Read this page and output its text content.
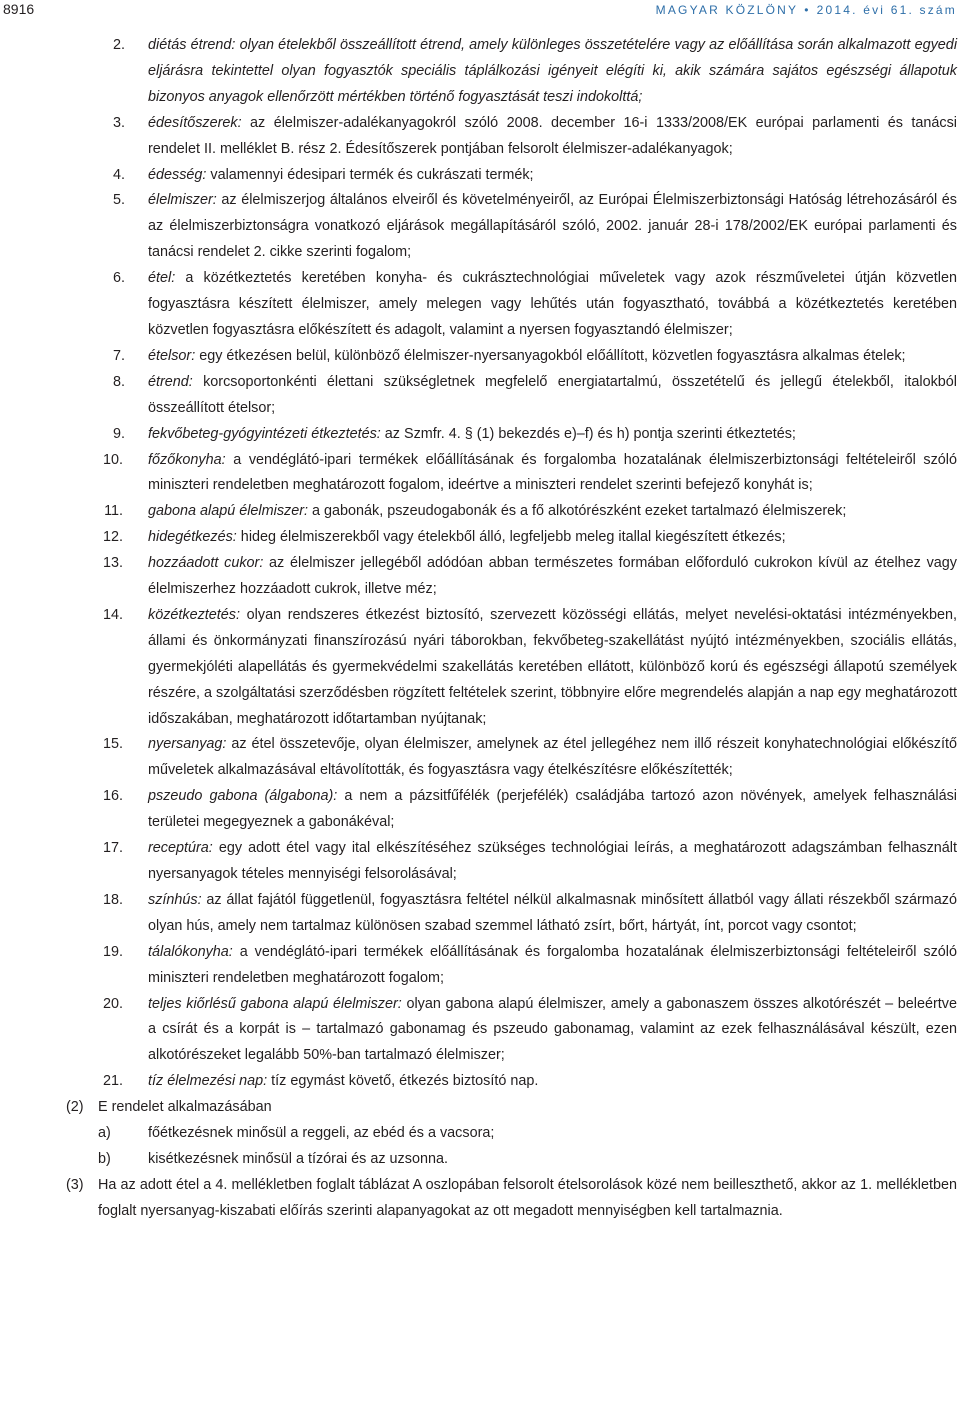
8916	MAGYAR KÖZLÖNY • 2014. évi 61. szám
2. diétás étrend: olyan ételekből összeállított étrend, amely különleges összetételére vagy az előállítása során alkalmazott egyedi eljárásra tekintettel olyan fogyasztók speciális táplálkozási igényeit elégíti ki, akik számára sajátos egészségi állapotuk bizonyos anyagok ellenőrzött mértékben történő fogyasztását teszi indokolttá;
3. édesítőszerek: az élelmiszer-adalékanyagokról szóló 2008. december 16-i 1333/2008/EK európai parlamenti és tanácsi rendelet II. melléklet B. rész 2. Édesítőszerek pontjában felsorolt élelmiszer-adalékanyagok;
4. édesség: valamennyi édesipari termék és cukrászati termék;
5. élelmiszer: az élelmiszerjog általános elveiről és követelményeiről, az Európai Élelmiszerbiztonsági Hatóság létrehozásáról és az élelmiszerbiztonságra vonatkozó eljárások megállapításáról szóló, 2002. január 28-i 178/2002/EK európai parlamenti és tanácsi rendelet 2. cikke szerinti fogalom;
6. étel: a közétkeztetés keretében konyha- és cukrásztechnológiai műveletek vagy azok részműveletei útján közvetlen fogyasztásra készített élelmiszer, amely melegen vagy lehűtés után fogyasztható, továbbá a közétkeztetés keretében közvetlen fogyasztásra előkészített és adagolt, valamint a nyersen fogyasztandó élelmiszer;
7. ételsor: egy étkezésen belül, különböző élelmiszer-nyersanyagokból előállított, közvetlen fogyasztásra alkalmas ételek;
8. étrend: korcsoportonkénti élettani szükségletnek megfelelő energiatartalmú, összetételű és jellegű ételekből, italokból összeállított ételsor;
9. fekvőbeteg-gyógyintézeti étkeztetés: az Szmfr. 4. § (1) bekezdés e)–f) és h) pontja szerinti étkeztetés;
10. főzőkonyha: a vendéglátó-ipari termékek előállításának és forgalomba hozatalának élelmiszerbiztonsági feltételeiről szóló miniszteri rendeletben meghatározott fogalom, ideértve a miniszteri rendelet szerinti befejező konyhát is;
11. gabona alapú élelmiszer: a gabonák, pszeudogabonák és a fő alkotórészként ezeket tartalmazó élelmiszerek;
12. hidegétkezés: hideg élelmiszerekből vagy ételekből álló, legfeljebb meleg itallal kiegészített étkezés;
13. hozzáadott cukor: az élelmiszer jellegéből adódóan abban természetes formában előforduló cukrokon kívül az ételhez vagy élelmiszerhez hozzáadott cukrok, illetve méz;
14. közétkeztetés: olyan rendszeres étkezést biztosító, szervezett közösségi ellátás, melyet nevelési-oktatási intézményekben, állami és önkormányzati finanszírozású nyári táborokban, fekvőbeteg-szakellátást nyújtó intézményekben, szociális ellátás, gyermekjóléti alapellátás és gyermekvédelmi szakellátás keretében ellátott, különböző korú és egészségi állapotú személyek részére, a szolgáltatási szerződésben rögzített feltételek szerint, többnyire előre megrendelés alapján a nap egy meghatározott időszakában, meghatározott időtartamban nyújtanak;
15. nyersanyag: az étel összetevője, olyan élelmiszer, amelynek az étel jellegéhez nem illő részeit konyhatechnológiai előkészítő műveletek alkalmazásával eltávolították, és fogyasztásra vagy ételkészítésre előkészítették;
16. pszeudo gabona (álgabona): a nem a pázsitfűfélék (perjefélék) családjába tartozó azon növények, amelyek felhasználási területei megegyeznek a gabonákéval;
17. receptúra: egy adott étel vagy ital elkészítéséhez szükséges technológiai leírás, a meghatározott adagszámban felhasznált nyersanyagok tételes mennyiségi felsorolásával;
18. színhús: az állat fajától függetlenül, fogyasztásra feltétel nélkül alkalmasnak minősített állatból vagy állati részekből származó olyan hús, amely nem tartalmaz különösen szabad szemmel látható zsírt, bőrt, hártyát, ínt, porcot vagy csontot;
19. tálalókonyha: a vendéglátó-ipari termékek előállításának és forgalomba hozatalának élelmiszerbiztonsági feltételeiről szóló miniszteri rendeletben meghatározott fogalom;
20. teljes kiőrlésű gabona alapú élelmiszer: olyan gabona alapú élelmiszer, amely a gabonaszem összes alkotórészét – beleértve a csírát és a korpát is – tartalmazó gabonamag és pszeudo gabonamag, valamint az ezek felhasználásával készült, ezen alkotórészeket legalább 50%-ban tartalmazó élelmiszer;
21. tíz élelmezési nap: tíz egymást követő, étkezés biztosító nap.
(2) E rendelet alkalmazásában
a)	főétkezésnek minősül a reggeli, az ebéd és a vacsora;
b)	kisétkezésnek minősül a tízórai és az uzsonna.
(3) Ha az adott étel a 4. mellékletben foglalt táblázat A oszlopában felsorolt ételsorolások közé nem beilleszthető, akkor az 1. mellékletben foglalt nyersanyag-kiszabati előírás szerinti alapanyagokat az ott megadott mennyiségben kell tartalmaznia.
